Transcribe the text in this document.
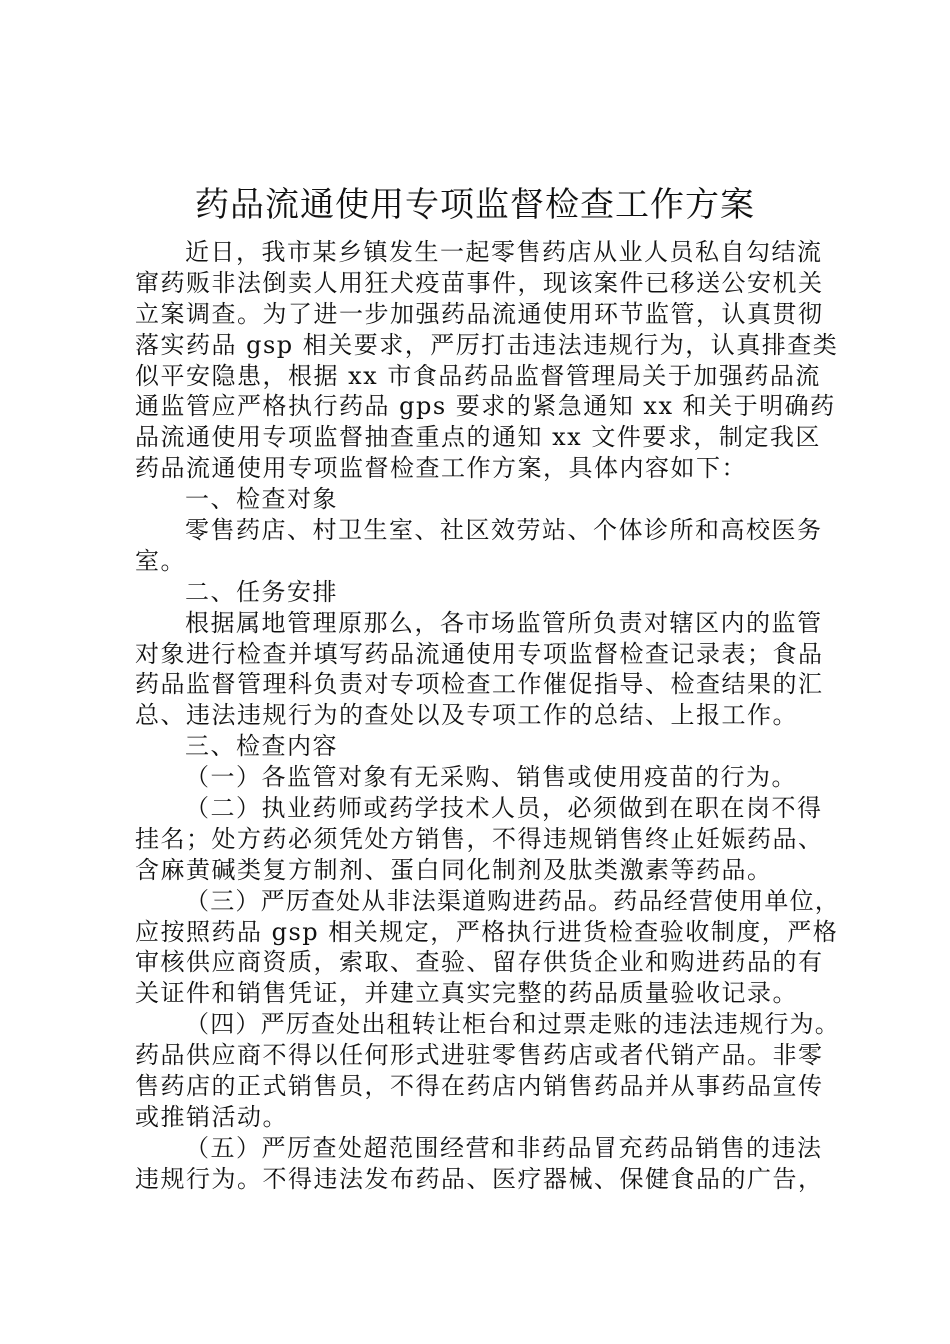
药品流通使用专项监督检查工作方案
近日，我市某乡镇发生一起零售药店从业人员私自勾结流
窜药贩非法倒卖人用狂犬疫苗事件，现该案件已移送公安机关
立案调查。为了进一步加强药品流通使用环节监管，认真贯彻
落实药品 gsp 相关要求，严厉打击违法违规行为，认真排查类
似平安隐患，根据 xx 市食品药品监督管理局关于加强药品流
通监管应严格执行药品 gps 要求的紧急通知 xx 和关于明确药
品流通使用专项监督抽查重点的通知 xx 文件要求，制定我区
药品流通使用专项监督检查工作方案，具体内容如下：
一、检查对象
零售药店、村卫生室、社区效劳站、个体诊所和高校医务
室。
二、任务安排
根据属地管理原那么，各市场监管所负责对辖区内的监管
对象进行检查并填写药品流通使用专项监督检查记录表；食品
药品监督管理科负责对专项检查工作催促指导、检查结果的汇
总、违法违规行为的查处以及专项工作的总结、上报工作。
三、检查内容
（一）各监管对象有无采购、销售或使用疫苗的行为。
（二）执业药师或药学技术人员，必须做到在职在岗不得
挂名；处方药必须凭处方销售，不得违规销售终止妊娠药品、
含麻黄碱类复方制剂、蛋白同化制剂及肽类激素等药品。
（三）严厉查处从非法渠道购进药品。药品经营使用单位，
应按照药品 gsp 相关规定，严格执行进货检查验收制度，严格
审核供应商资质，索取、查验、留存供货企业和购进药品的有
关证件和销售凭证，并建立真实完整的药品质量验收记录。
（四）严厉查处出租转让柜台和过票走账的违法违规行为。
药品供应商不得以任何形式进驻零售药店或者代销产品。非零
售药店的正式销售员，不得在药店内销售药品并从事药品宣传
或推销活动。
（五）严厉查处超范围经营和非药品冒充药品销售的违法
违规行为。不得违法发布药品、医疗器械、保健食品的广告，
